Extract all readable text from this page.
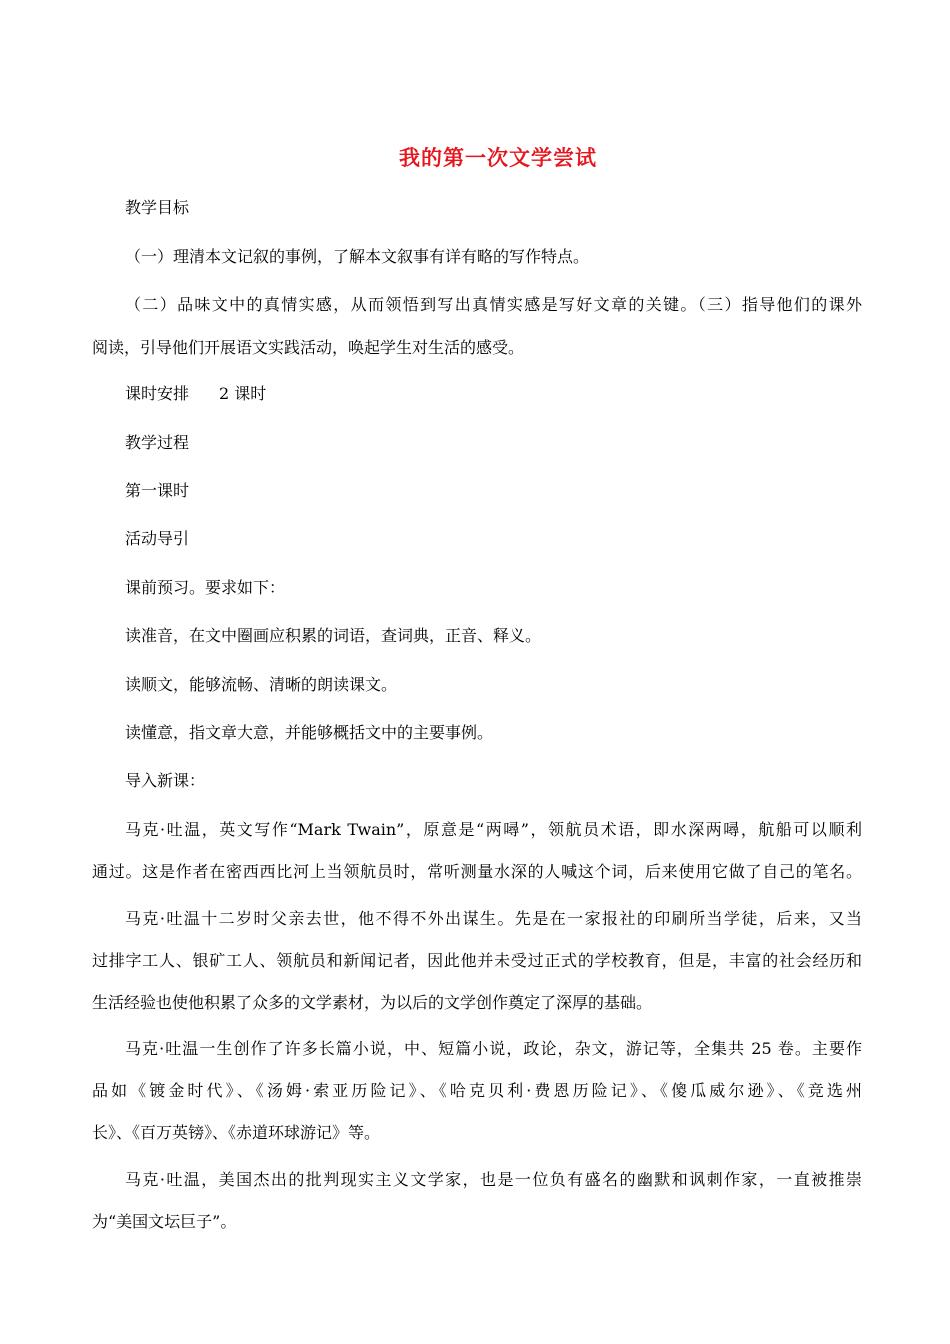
我的第一次文学尝试
教学目标
（一）理清本文记叙的事例，了解本文叙事有详有略的写作特点。
（二）品味文中的真情实感，从而领悟到写出真情实感是写好文章的关键。（三）指导他们的课外
阅读，引导他们开展语文实践活动，唤起学生对生活的感受。
课时安排 2 课时
教学过程
第一课时
活动导引
课前预习。要求如下：
读准音，在文中圈画应积累的词语，查词典，正音、释义。
读顺文，能够流畅、清晰的朗读课文。
读懂意，指文章大意，并能够概括文中的主要事例。
导入新课：
马克·吐温，英文写作“Mark Twain”，原意是“两噚”，领航员术语，即水深两噚，航船可以顺利
通过。这是作者在密西西比河上当领航员时，常听测量水深的人喊这个词，后来使用它做了自己的笔名。
马克·吐温十二岁时父亲去世，他不得不外出谋生。先是在一家报社的印刷所当学徒，后来，又当
过排字工人、银矿工人、领航员和新闻记者，因此他并未受过正式的学校教育，但是，丰富的社会经历和
生活经验也使他积累了众多的文学素材，为以后的文学创作奠定了深厚的基础。
马克·吐温一生创作了许多长篇小说，中、短篇小说，政论，杂文，游记等，全集共 25 卷。主要作
品如《镀金时代》、《汤姆·索亚历险记》、《哈克贝利·费恩历险记》、《傻瓜威尔逊》、《竞选州
长》、《百万英镑》、《赤道环球游记》等。
马克·吐温，美国杰出的批判现实主义文学家，也是一位负有盛名的幽默和讽刺作家，一直被推崇
为“美国文坛巨子”。
